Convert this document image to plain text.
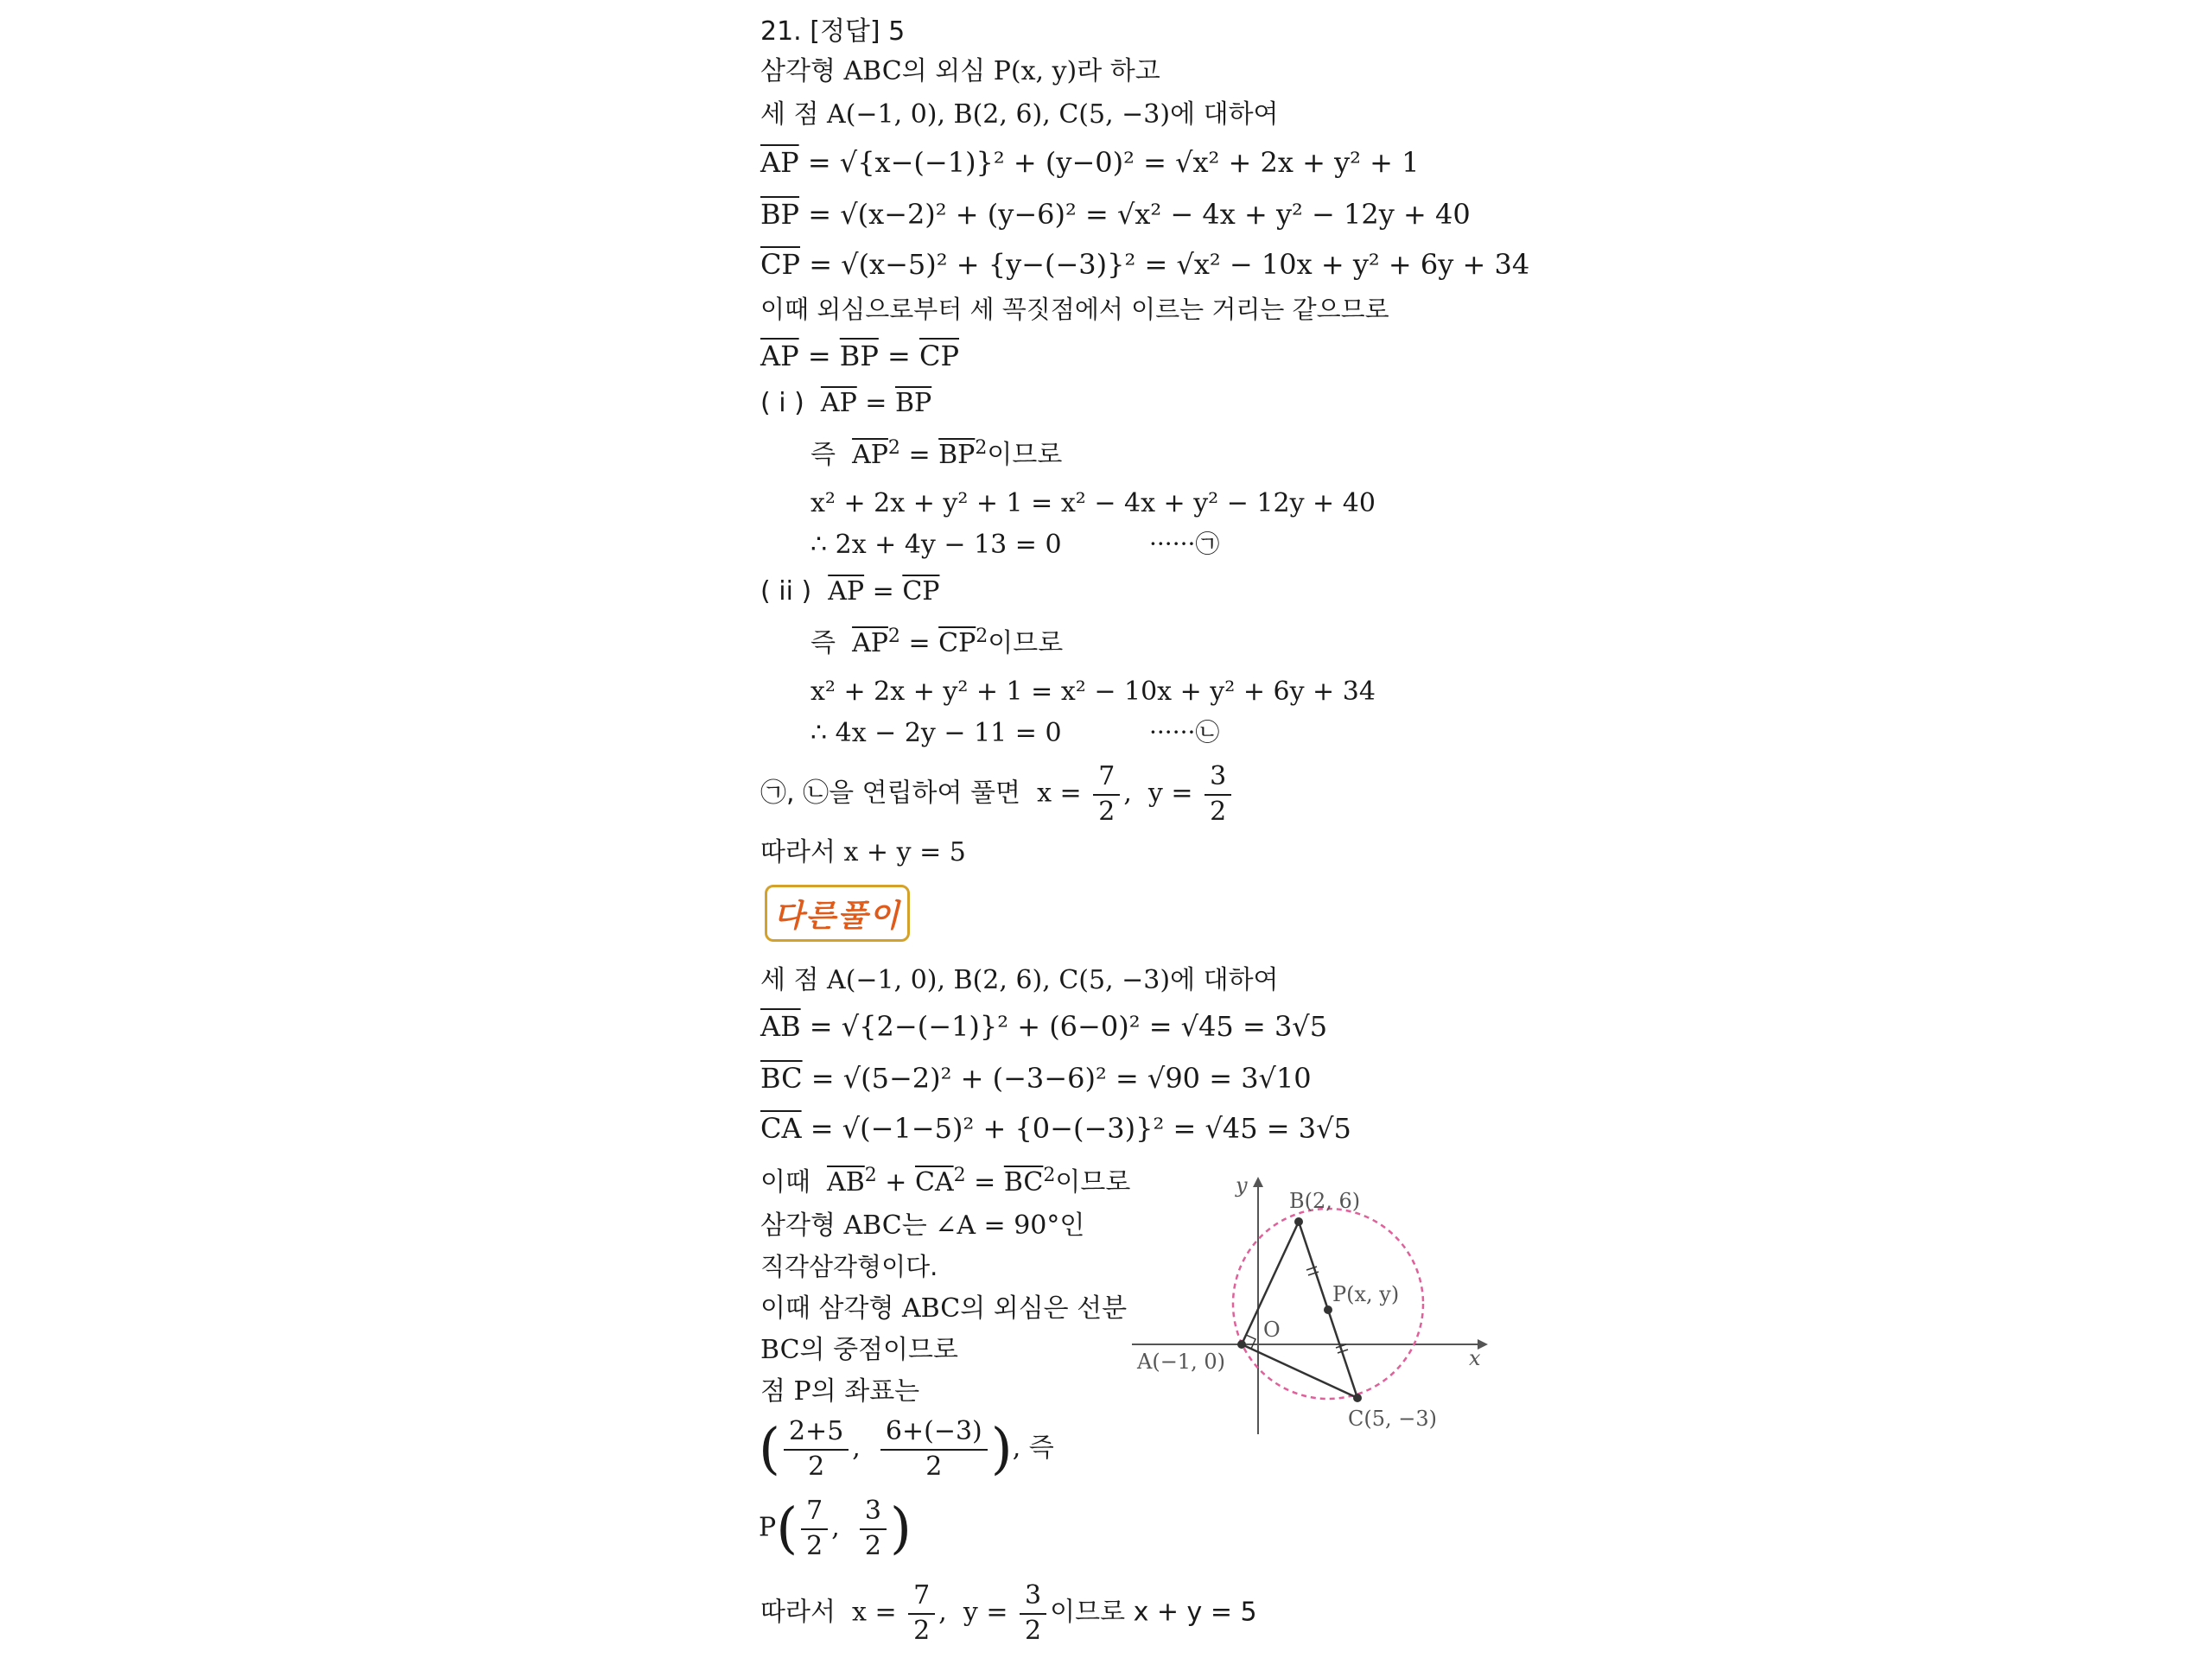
21. [정답] 5
삼각형 ABC의 외심 P(x, y)라 하고
세 점 A(−1, 0), B(2, 6), C(5, −3)에 대하여
$\overline{AP} = √\{x-(-1)\}^2 + (y-0)^2 = √x^2 + 2x + y^2 + 1$
$\overline{BP} = √(x-2)^2 + (y-6)^2 = √x^2 - 4x + y^2 - 12y + 40$
$\overline{CP} = √(x-5)^2 + \{y-(-3)\}^2 = √x^2 - 10x + y^2 + 6y + 34$
이때 외심으로부터 세 꼭짓점에서 이르는 거리는 같으므로
$\overline{AP} = \overline{BP} = \overline{CP}$
( i ) $\overline{AP} = \overline{BP}$
즉 $\overline{AP}^2 = \overline{BP}^2$이므로
x² + 2x + y² + 1 = x² − 4x + y² − 12y + 40
∴ 2x + 4y − 13 = 0	······㉠
( ii ) $\overline{AP} = \overline{CP}$
즉 $\overline{AP}^2 = \overline{CP}^2$이므로
x² + 2x + y² + 1 = x² − 10x + y² + 6y + 34
∴ 4x − 2y − 11 = 0	······㉡
㉠, ㉡을 연립하여 풀면  $x = \frac{7}{2}$ ,  $y = \frac{3}{2}$
따라서 x + y = 5
다른풀이
세 점 A(−1, 0), B(2, 6), C(5, −3)에 대하여
$\overline{AB} = √\{2-(-1)\}^2 + (6-0)^2 = √45 = 3√5$
$\overline{BC} = √(5-2)^2 + (-3-6)^2 = √90 = 3√10$
$\overline{CA} = √(-1-5)^2 + \{0-(-3)\}^2 = √45 = 3√5$
이때 $\overline{AB}^2 + \overline{CA}^2 = \overline{BC}^2$이므로
삼각형 ABC는 ∠A = 90°인
직각삼각형이다.
이때 삼각형 ABC의 외심은 선분
BC의 중점이므로
점 P의 좌표는
( $\frac{2+5}{2}$ , $\frac{6+(-3)}{2}$ ), 즉
$P( \frac{7}{2}$ , $\frac{3}{2}$ )
따라서  $x = \frac{7}{2}$ ,  $y = \frac{3}{2}$ 이므로 x + y = 5
y
x
O
A(−1, 0)
B(2, 6)
C(5, −3)
P(x, y)
